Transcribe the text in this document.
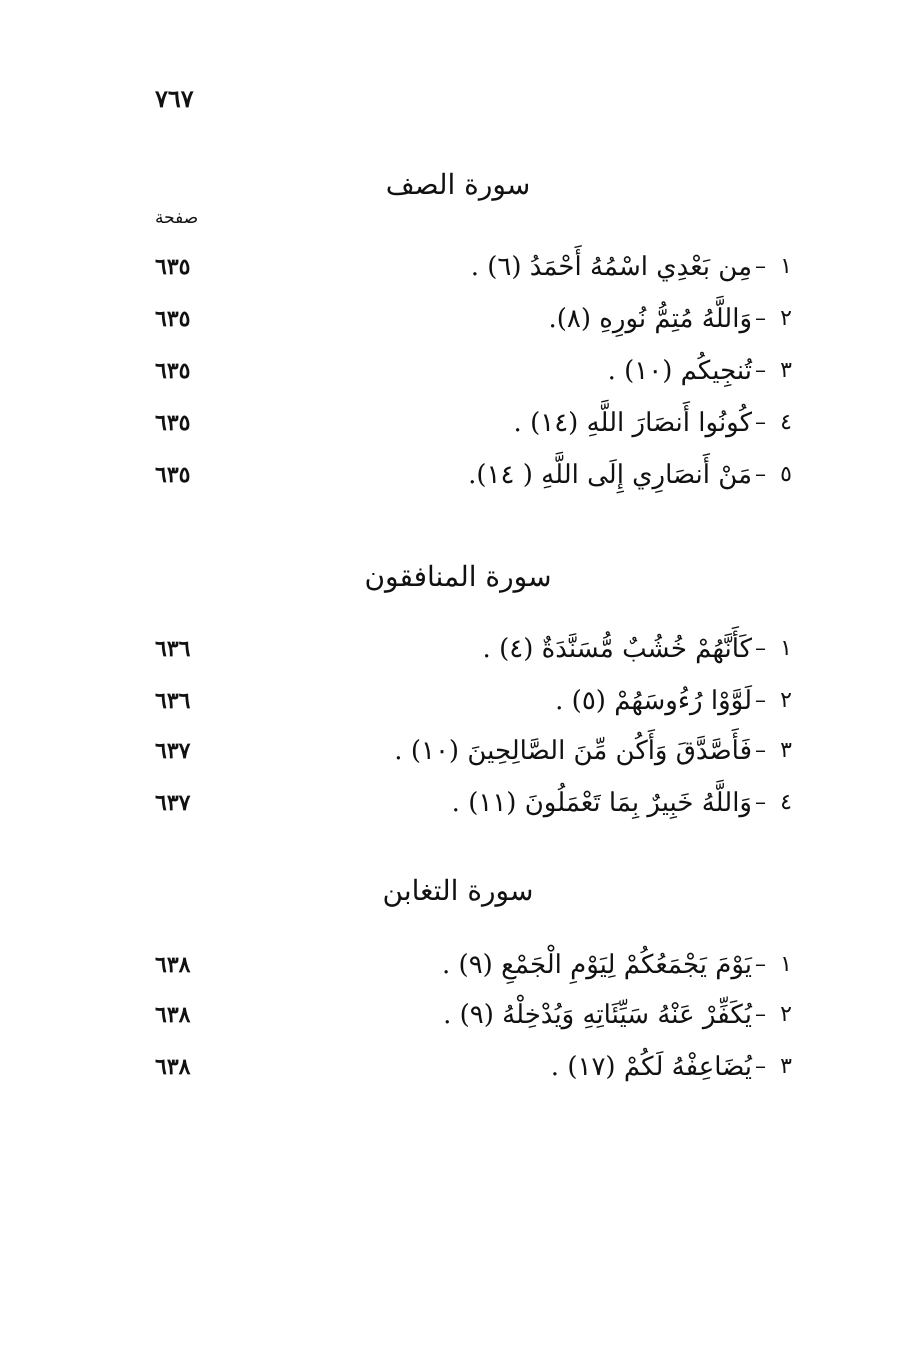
٧٦٧
سورة الصف
صفحة
١
–
مِن بَعْدِي اسْمُهُ أَحْمَدُ (٦) .
٦٣٥
٢
–
وَاللَّهُ مُتِمُّ نُورِهِ (٨).
٦٣٥
٣
–
تُنجِيكُم (١٠) .
٦٣٥
٤
–
كُونُوا أَنصَارَ اللَّهِ (١٤) .
٦٣٥
٥
–
مَنْ أَنصَارِي إِلَى اللَّهِ ( ١٤).
٦٣٥
سورة المنافقون
١
–
كَأَنَّهُمْ خُشُبٌ مُّسَنَّدَةٌ (٤) .
٦٣٦
٢
–
لَوَّوْا رُءُوسَهُمْ (٥) .
٦٣٦
٣
–
فَأَصَّدَّقَ وَأَكُن مِّنَ الصَّالِحِينَ (١٠) .
٦٣٧
٤
–
وَاللَّهُ خَبِيرٌ بِمَا تَعْمَلُونَ (١١) .
٦٣٧
سورة التغابن
١
–
يَوْمَ يَجْمَعُكُمْ لِيَوْمِ الْجَمْعِ (٩) .
٦٣٨
٢
–
يُكَفِّرْ عَنْهُ سَيِّئَاتِهِ وَيُدْخِلْهُ (٩) .
٦٣٨
٣
–
يُضَاعِفْهُ لَكُمْ (١٧) .
٦٣٨
